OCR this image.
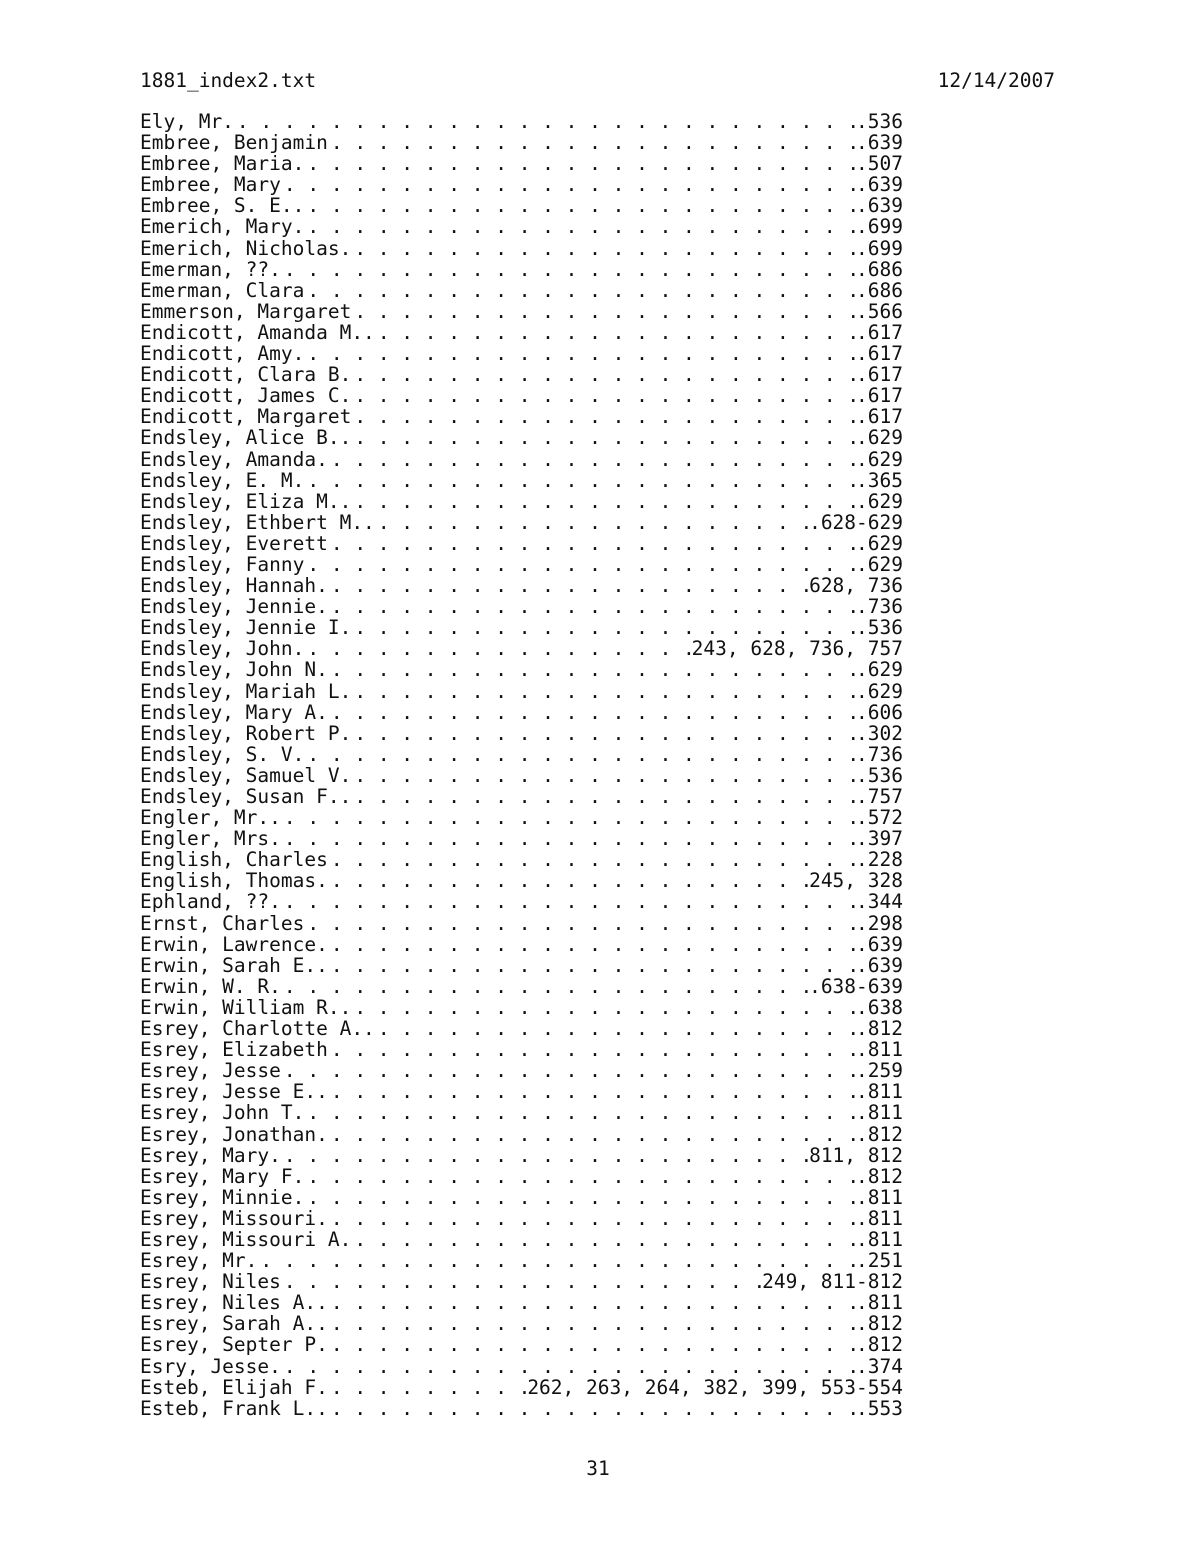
1881_index2.txt	12/14/2007
Ely, Mr. . . .	.536
Embree, Benjamin . . .	.639
Embree, Maria. . . .	.507
Embree, Mary . . .	.639
Embree, S. E.. . . .	.639
Emerich, Mary. . . .	.699
Emerich, Nicholas. . . .	.699
Emerman, ??. . . .	.686
Emerman, Clara . . .	.686
Emmerson, Margaret . . .	.566
Endicott, Amanda M.. . . .	.617
Endicott, Amy. . . .	.617
Endicott, Clara B. . . .	.617
Endicott, James C. . . .	.617
Endicott, Margaret . . .	.617
Endsley, Alice B.. . . .	.629
Endsley, Amanda. . . .	.629
Endsley, E. M. . . .	.365
Endsley, Eliza M.. . . .	.629
Endsley, Ethbert M.. . . .	.628-629
Endsley, Everett . . .	.629
Endsley, Fanny . . .	.629
Endsley, Hannah. . . .	628, 736
Endsley, Jennie. . . .	.736
Endsley, Jennie I. . . .	.536
Endsley, John. . . .	243, 628, 736, 757
Endsley, John N. . . .	.629
Endsley, Mariah L. . . .	.629
Endsley, Mary A. . . .	.606
Endsley, Robert P. . . .	.302
Endsley, S. V. . . .	.736
Endsley, Samuel V. . . .	.536
Endsley, Susan F.. . . .	.757
Engler, Mr.. . . .	.572
Engler, Mrs. . . .	.397
English, Charles . . .	.228
English, Thomas. . . .	245, 328
Ephland, ??. . . .	.344
Ernst, Charles . . .	.298
Erwin, Lawrence. . . .	.639
Erwin, Sarah E.. . . .	.639
Erwin, W. R. . . .	.638-639
Erwin, William R.. . . .	.638
Esrey, Charlotte A.. . . .	.812
Esrey, Elizabeth . . .	.811
Esrey, Jesse . . .	.259
Esrey, Jesse E.. . . .	.811
Esrey, John T. . . .	.811
Esrey, Jonathan. . . .	.812
Esrey, Mary. . . .	811, 812
Esrey, Mary F. . . .	.812
Esrey, Minnie. . . .	.811
Esrey, Missouri. . . .	.811
Esrey, Missouri A. . . .	.811
Esrey, Mr. . . .	.251
Esrey, Niles . . .	249, 811-812
Esrey, Niles A.. . . .	.811
Esrey, Sarah A.. . . .	.812
Esrey, Septer P. . . .	.812
Esry, Jesse. . . .	.374
Esteb, Elijah F. . . .	262, 263, 264, 382, 399, 553-554
Esteb, Frank L.. . . .	.553
31
